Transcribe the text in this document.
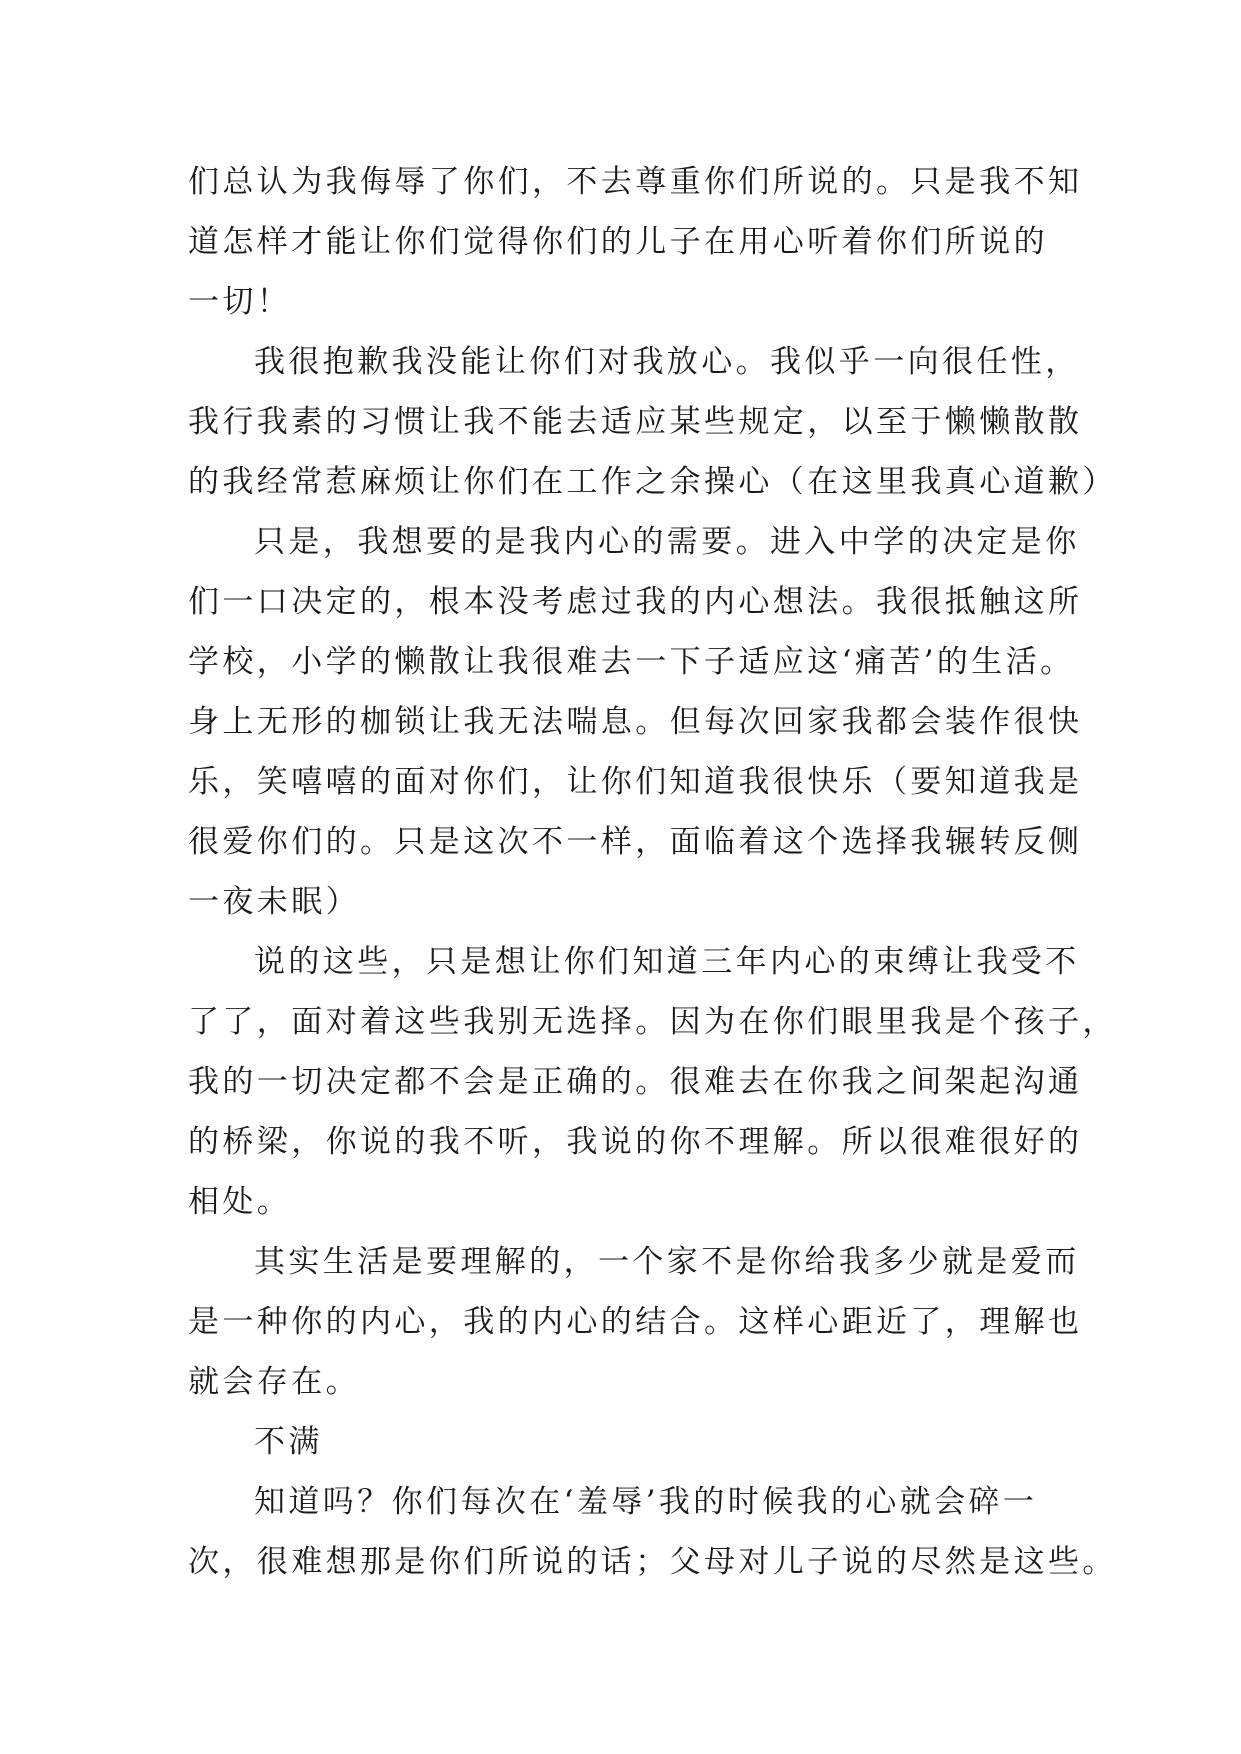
们总认为我侮辱了你们，不去尊重你们所说的。只是我不知
道怎样才能让你们觉得你们的儿子在用心听着你们所说的
一切！
我很抱歉我没能让你们对我放心。我似乎一向很任性，
我行我素的习惯让我不能去适应某些规定，以至于懒懒散散
的我经常惹麻烦让你们在工作之余操心（在这里我真心道歉）
只是，我想要的是我内心的需要。进入中学的决定是你
们一口决定的，根本没考虑过我的内心想法。我很抵触这所
学校，小学的懒散让我很难去一下子适应这‘痛苦’的生活。
身上无形的枷锁让我无法喘息。但每次回家我都会装作很快
乐，笑嘻嘻的面对你们，让你们知道我很快乐（要知道我是
很爱你们的。只是这次不一样，面临着这个选择我辗转反侧
一夜未眠）
说的这些，只是想让你们知道三年内心的束缚让我受不
了了，面对着这些我别无选择。因为在你们眼里我是个孩子，
我的一切决定都不会是正确的。很难去在你我之间架起沟通
的桥梁，你说的我不听，我说的你不理解。所以很难很好的
相处。
其实生活是要理解的，一个家不是你给我多少就是爱而
是一种你的内心，我的内心的结合。这样心距近了，理解也
就会存在。
不满
知道吗？你们每次在‘羞辱’我的时候我的心就会碎一
次，很难想那是你们所说的话；父母对儿子说的尽然是这些。
